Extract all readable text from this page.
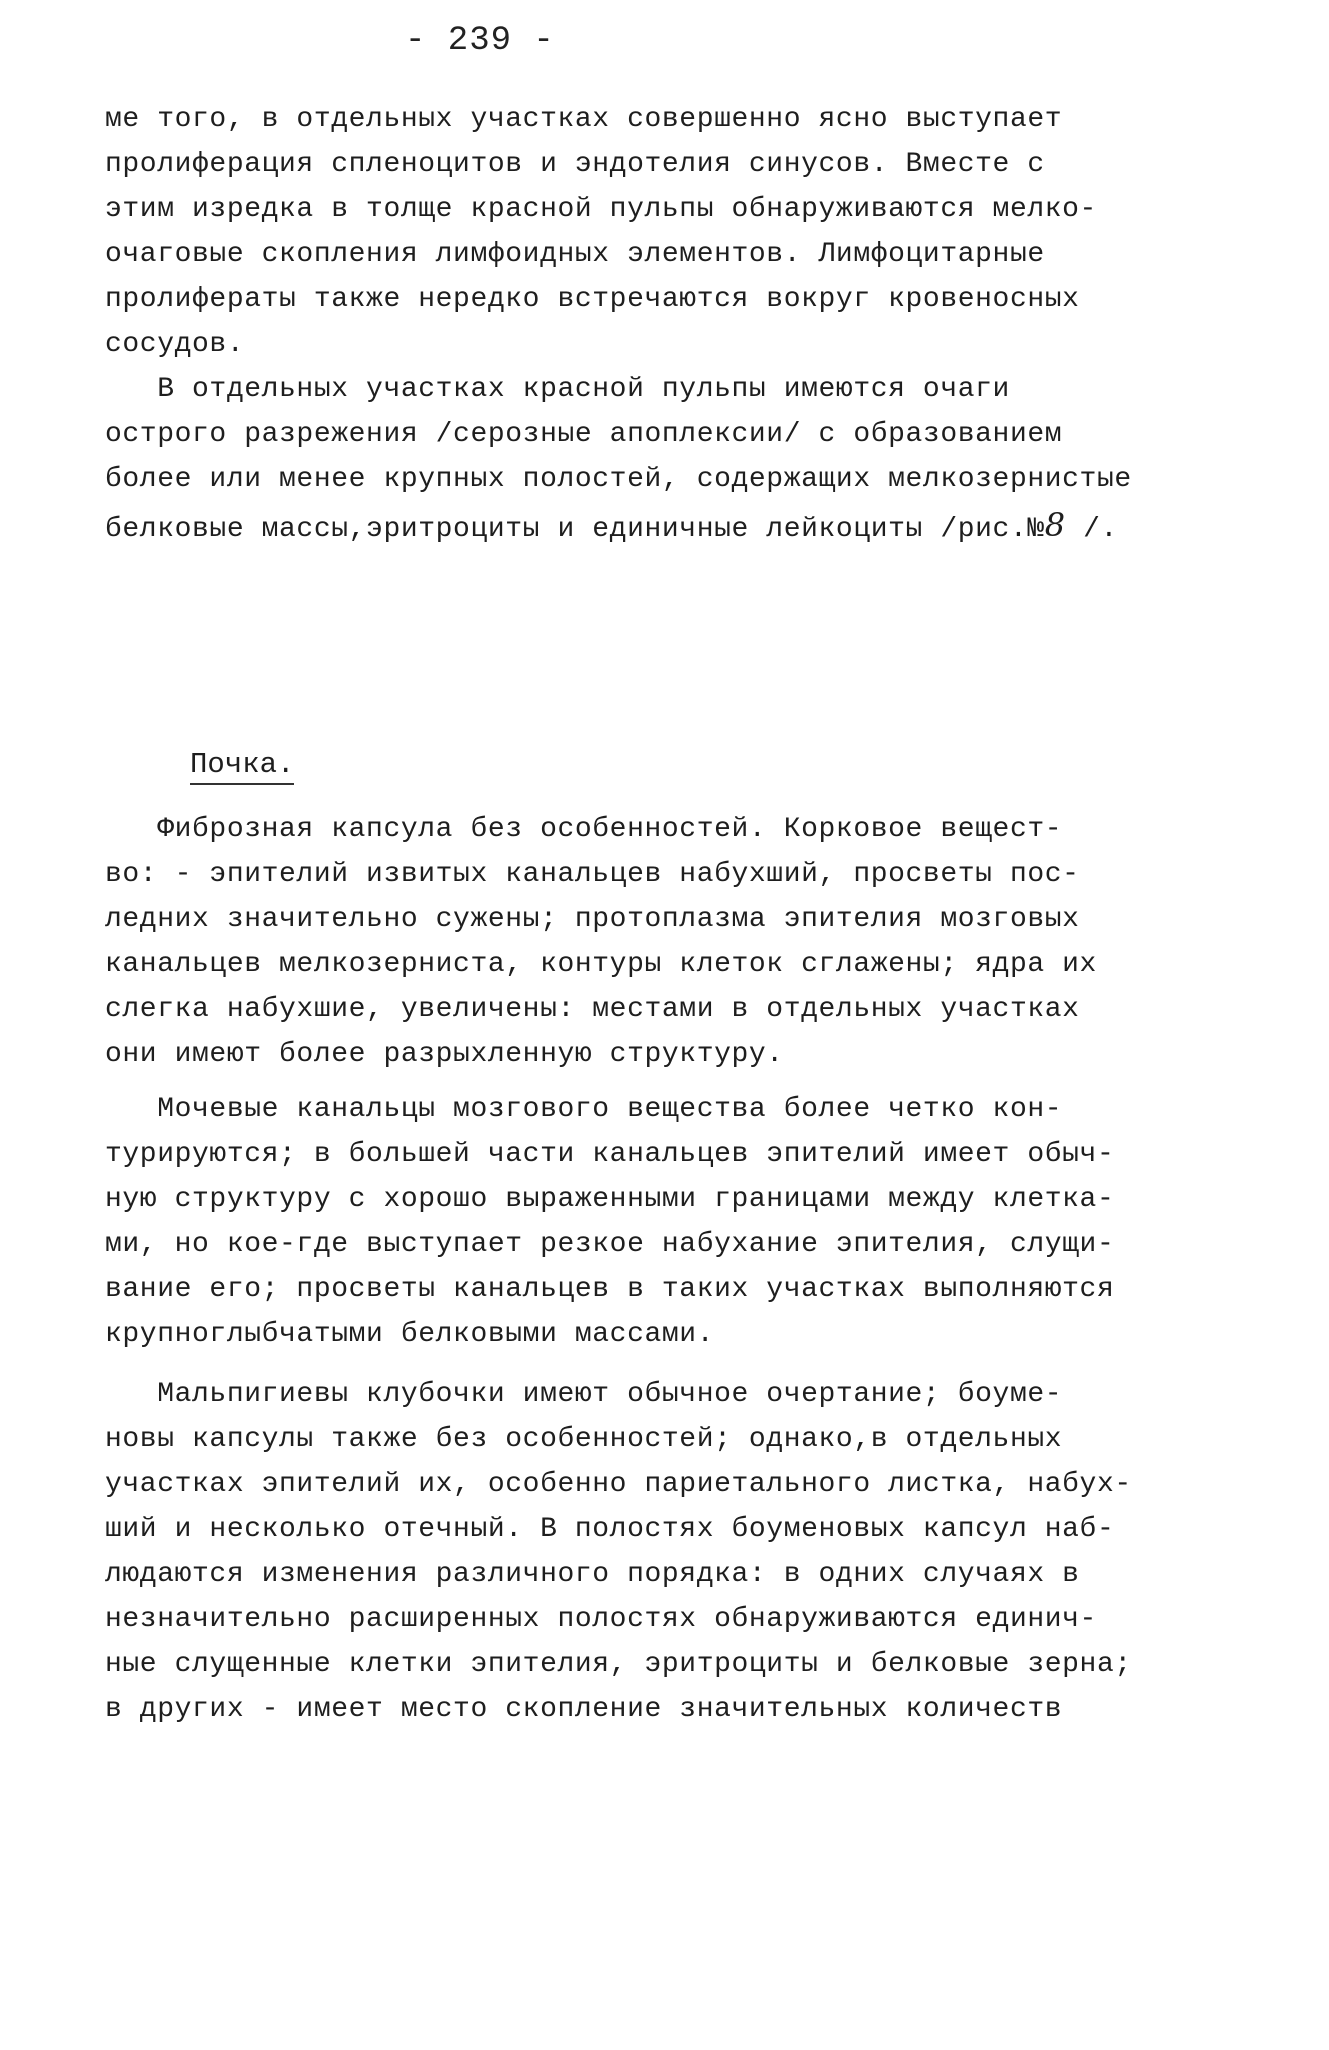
- 239 -
ме того, в отдельных участках совершенно ясно выступает
пролиферация спленоцитов и эндотелия синусов. Вместе с
этим изредка в толще красной пульпы обнаруживаются мелко-
очаговые скопления лимфоидных элементов. Лимфоцитарные
пролифераты также нередко встречаются вокруг кровеносных
сосудов.
В отдельных участках красной пульпы имеются очаги
острого разрежения /серозные апоплексии/ с образованием
более или менее крупных полостей, содержащих мелкозернистые
белковые массы,эритроциты и единичные лейкоциты /рис.№8 /.
Почка.
Фиброзная капсула без особенностей. Корковое вещест-
во: - эпителий извитых канальцев набухший, просветы пос-
ледних значительно сужены; протоплазма эпителия мозговых
канальцев мелкозерниста, контуры клеток сглажены; ядра их
слегка набухшие, увеличены: местами в отдельных участках
они имеют более разрыхленную структуру.
Мочевые канальцы мозгового вещества более четко кон-
турируются; в большей части канальцев эпителий имеет обыч-
ную структуру с хорошо выраженными границами между клетка-
ми, но кое-где выступает резкое набухание эпителия, слущи-
вание его; просветы канальцев в таких участках выполняются
крупноглыбчатыми белковыми массами.
Мальпигиевы клубочки имеют обычное очертание; боуме-
новы капсулы также без особенностей; однако,в отдельных
участках эпителий их, особенно париетального листка, набух-
ший и несколько отечный. В полостях боуменовых капсул наб-
людаются изменения различного порядка: в одних случаях в
незначительно расширенных полостях обнаруживаются единич-
ные слущенные клетки эпителия, эритроциты и белковые зерна;
в других - имеет место скопление значительных количеств
